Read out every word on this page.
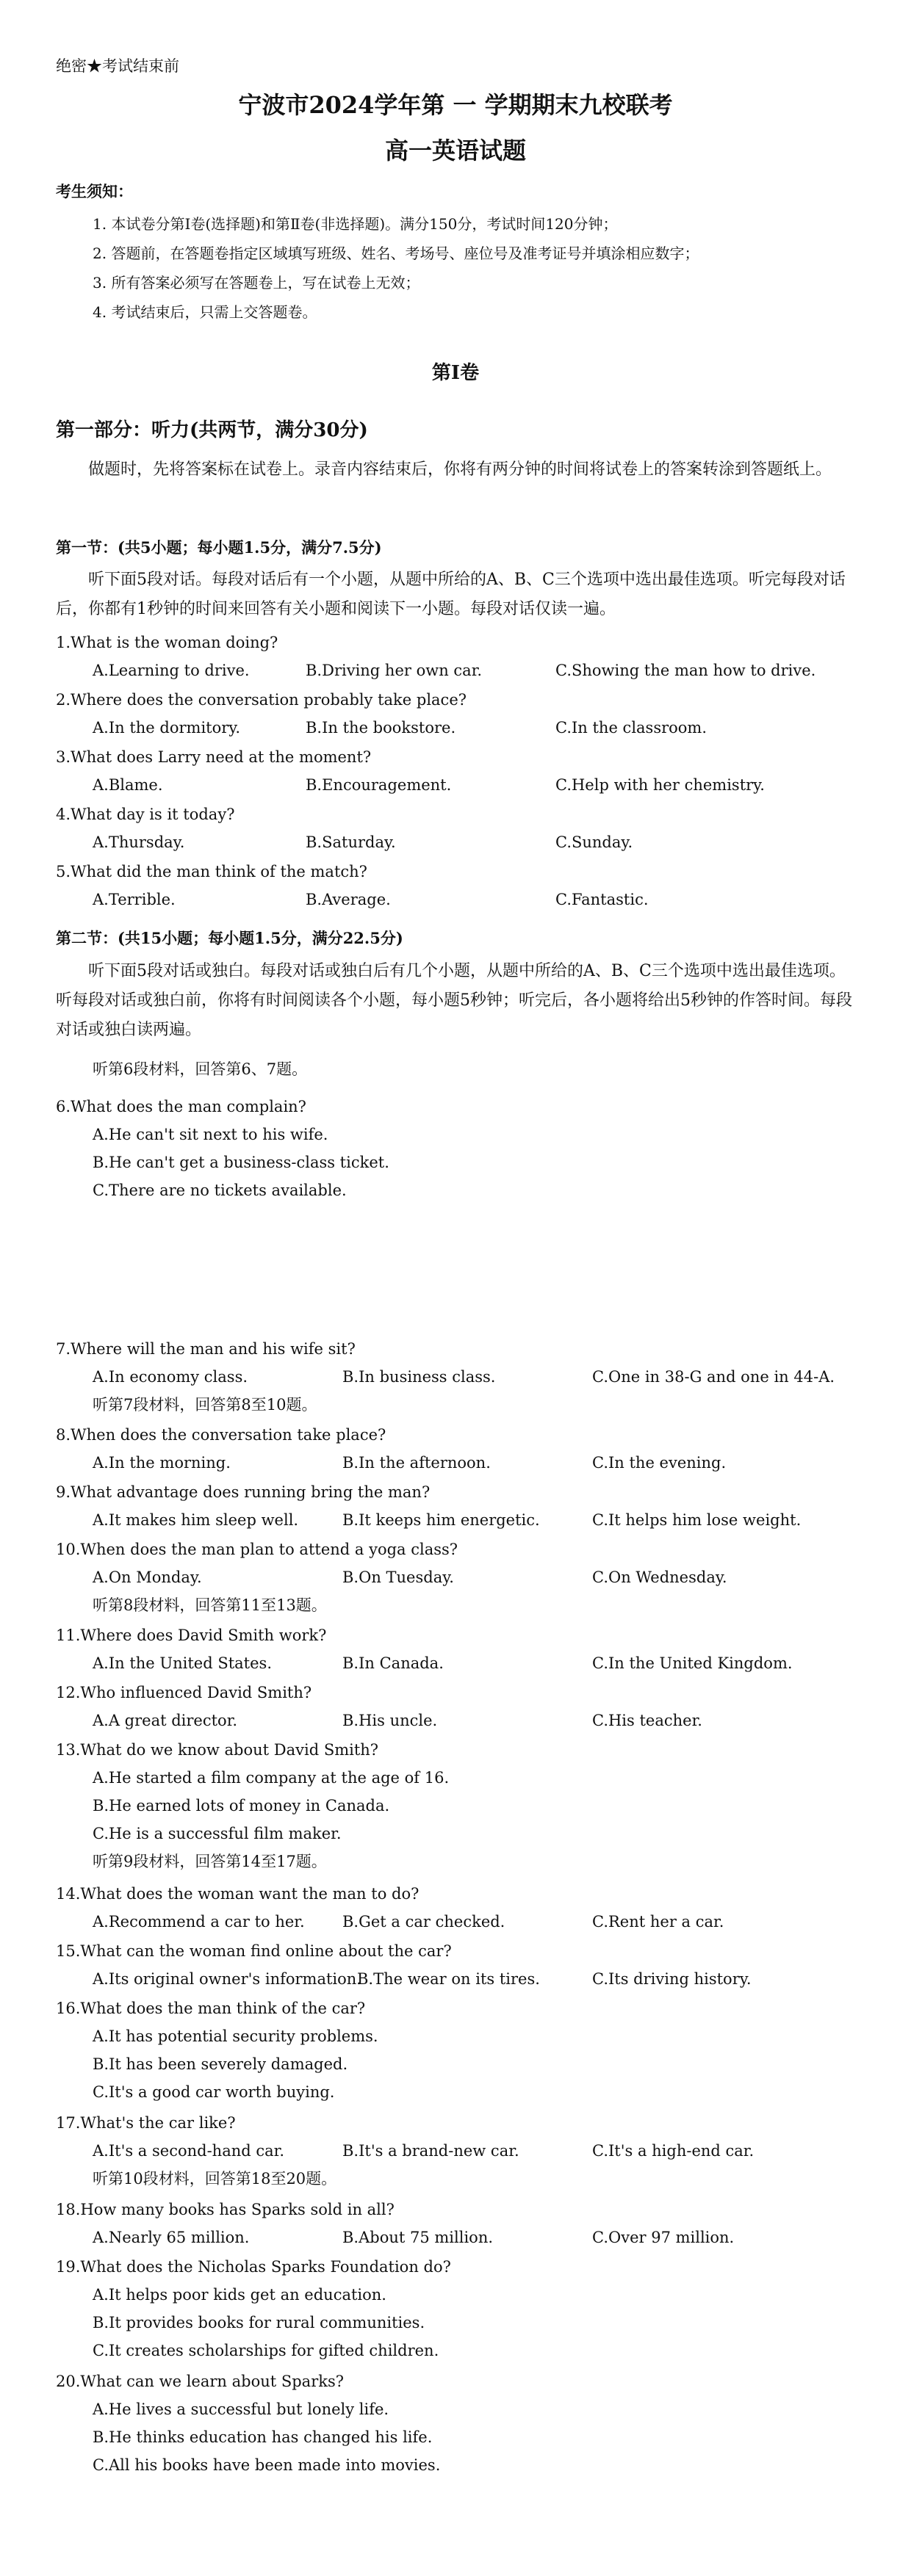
绝密★考试结束前
宁波市2024学年第 一 学期期末九校联考
高一英语试题
考生须知：
1. 本试卷分第Ⅰ卷(选择题)和第Ⅱ卷(非选择题)。满分150分，考试时间120分钟；
2. 答题前，在答题卷指定区域填写班级、姓名、考场号、座位号及准考证号并填涂相应数字；
3. 所有答案必须写在答题卷上，写在试卷上无效；
4. 考试结束后，只需上交答题卷。
第Ⅰ卷
第一部分：听力(共两节，满分30分)
做题时，先将答案标在试卷上。录音内容结束后，你将有两分钟的时间将试卷上的答案转涂到答题纸上。
第一节：(共5小题；每小题1.5分，满分7.5分)
听下面5段对话。每段对话后有一个小题，从题中所给的A、B、C三个选项中选出最佳选项。听完每段对话后，你都有1秒钟的时间来回答有关小题和阅读下一小题。每段对话仅读一遍。
1.What is the woman doing?
A.Learning to drive.	B.Driving her own car.	C.Showing the man how to drive.
2.Where does the conversation probably take place?
A.In the dormitory.	B.In the bookstore.	C.In the classroom.
3.What does Larry need at the moment?
A.Blame.	B.Encouragement.	C.Help with her chemistry.
4.What day is it today?
A.Thursday.	B.Saturday.	C.Sunday.
5.What did the man think of the match?
A.Terrible.	B.Average.	C.Fantastic.
第二节：(共15小题；每小题1.5分，满分22.5分)
听下面5段对话或独白。每段对话或独白后有几个小题，从题中所给的A、B、C三个选项中选出最佳选项。听每段对话或独白前，你将有时间阅读各个小题，每小题5秒钟；听完后，各小题将给出5秒钟的作答时间。每段对话或独白读两遍。
听第6段材料，回答第6、7题。
6.What does the man complain?
A.He can't sit next to his wife.
B.He can't get a business-class ticket.
C.There are no tickets available.
7.Where will the man and his wife sit?
A.In economy class.	B.In business class.	C.One in 38-G and one in 44-A.
听第7段材料，回答第8至10题。
8.When does the conversation take place?
A.In the morning.	B.In the afternoon.	C.In the evening.
9.What advantage does running bring the man?
A.It makes him sleep well.	B.It keeps him energetic.	C.It helps him lose weight.
10.When does the man plan to attend a yoga class?
A.On Monday.	B.On Tuesday.	C.On Wednesday.
听第8段材料，回答第11至13题。
11.Where does David Smith work?
A.In the United States.	B.In Canada.	C.In the United Kingdom.
12.Who influenced David Smith?
A.A great director.	B.His uncle.	C.His teacher.
13.What do we know about David Smith?
A.He started a film company at the age of 16.
B.He earned lots of money in Canada.
C.He is a successful film maker.
听第9段材料，回答第14至17题。
14.What does the woman want the man to do?
A.Recommend a car to her. B.Get a car checked.	C.Rent her a car.
15.What can the woman find online about the car?
A.Its original owner's information.
B.The wear on its tires.	C.Its driving history.
16.What does the man think of the car?
A.It has potential security problems.
B.It has been severely damaged.
C.It's a good car worth buying.
17.What's the car like?
A.It's a second-hand car.	B.It's a brand-new car.	C.It's a high-end car.
听第10段材料，回答第18至20题。
18.How many books has Sparks sold in all?
A.Nearly 65 million.	B.About 75 million.	C.Over 97 million.
19.What does the Nicholas Sparks Foundation do?
A.It helps poor kids get an education.
B.It provides books for rural communities.
C.It creates scholarships for gifted children.
20.What can we learn about Sparks?
A.He lives a successful but lonely life.
B.He thinks education has changed his life.
C.All his books have been made into movies.
